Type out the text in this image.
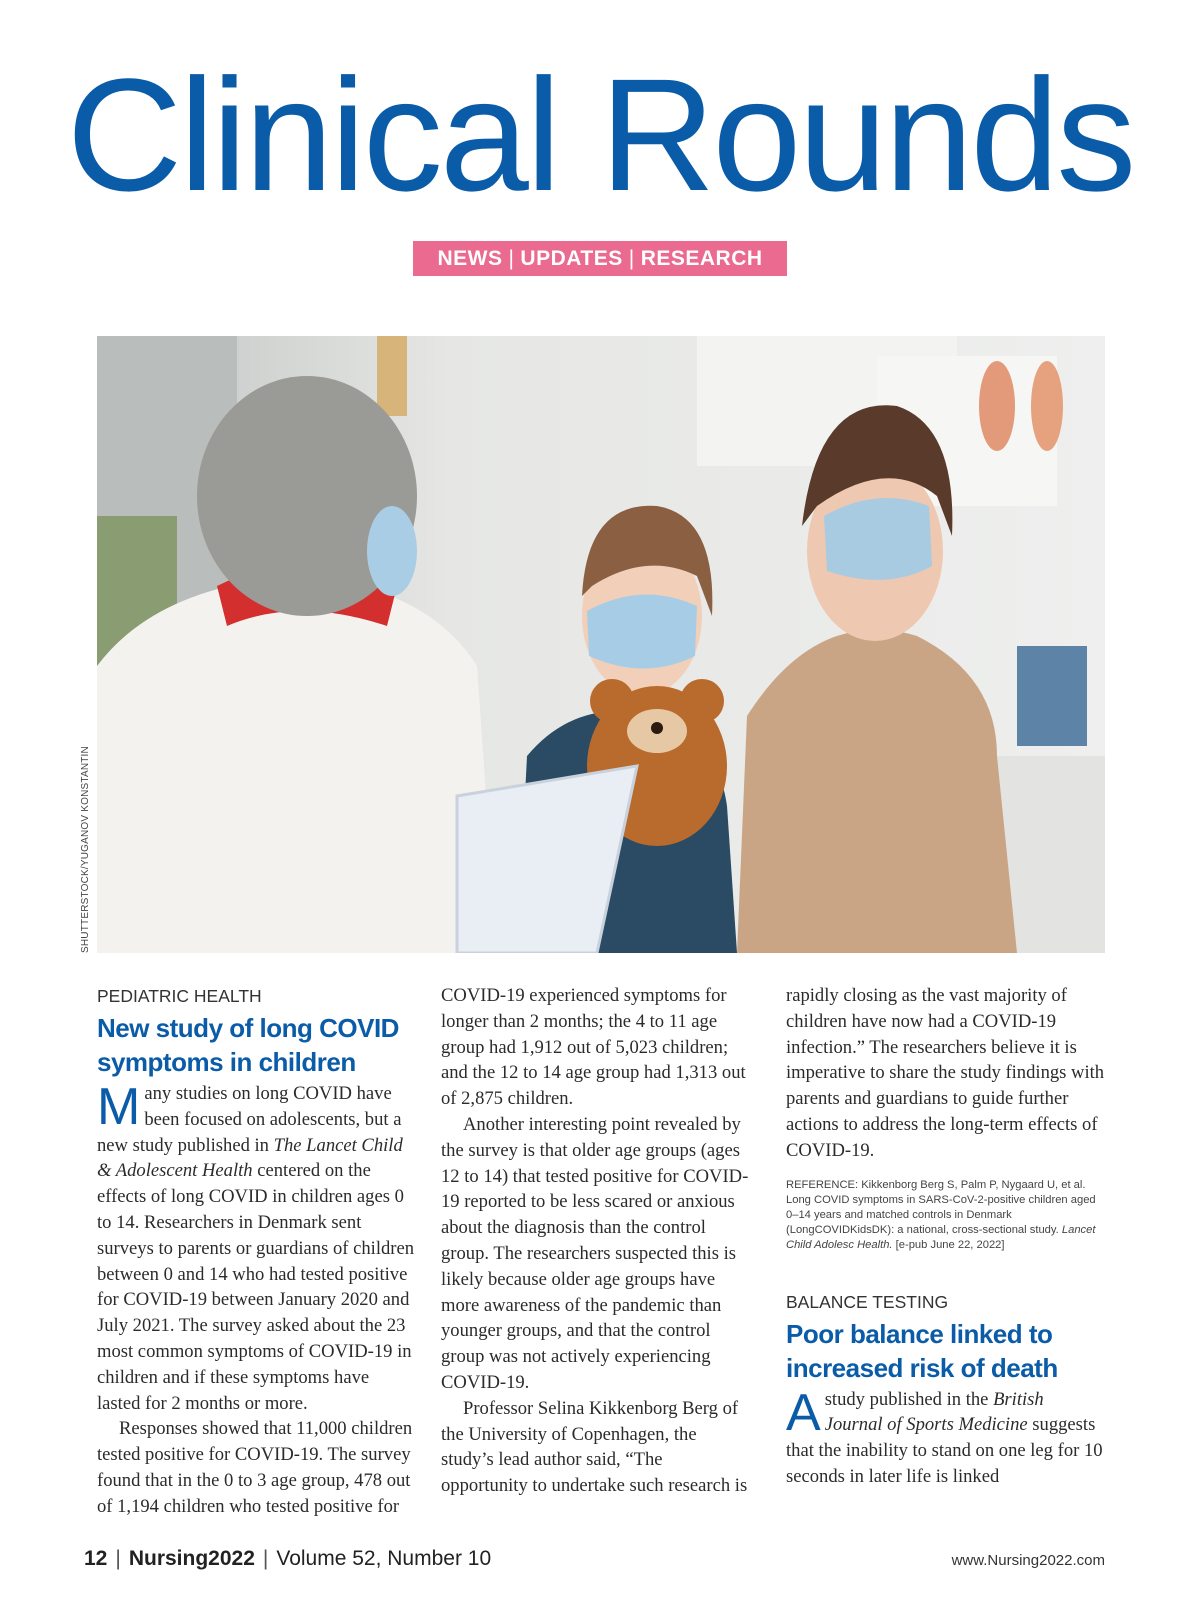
Clinical Rounds
NEWS | UPDATES | RESEARCH
SHUTTERSTOCK/YUGANOV KONSTANTIN
PEDIATRIC HEALTH
New study of long COVID symptoms in children

Many studies on long COVID have been focused on adolescents, but a new study published in The Lancet Child & Adolescent Health centered on the effects of long COVID in children ages 0 to 14. Researchers in Denmark sent surveys to parents or guardians of children between 0 and 14 who had tested positive for COVID-19 between January 2020 and July 2021. The survey asked about the 23 most common symptoms of COVID-19 in children and if these symptoms have lasted for 2 months or more.

Responses showed that 11,000 children tested positive for COVID-19. The survey found that in the 0 to 3 age group, 478 out of 1,194 children who tested positive for

COVID-19 experienced symptoms for longer than 2 months; the 4 to 11 age group had 1,912 out of 5,023 children; and the 12 to 14 age group had 1,313 out of 2,875 children.

Another interesting point revealed by the survey is that older age groups (ages 12 to 14) that tested positive for COVID-19 reported to be less scared or anxious about the diagnosis than the control group. The researchers suspected this is likely because older age groups have more awareness of the pandemic than younger groups, and that the control group was not actively experiencing COVID-19.

Professor Selina Kikkenborg Berg of the University of Copenhagen, the study’s lead author said, “The opportunity to undertake such research is

rapidly closing as the vast majority of children have now had a COVID-19 infection.” The researchers believe it is imperative to share the study findings with parents and guardians to guide further actions to address the long-term effects of COVID-19.

REFERENCE: Kikkenborg Berg S, Palm P, Nygaard U, et al. Long COVID symptoms in SARS-CoV-2-positive children aged 0–14 years and matched controls in Denmark (LongCOVIDKidsDK): a national, cross-sectional study. Lancet Child Adolesc Health. [e-pub June 22, 2022]
BALANCE TESTING
Poor balance linked to increased risk of death

A study published in the British Journal of Sports Medicine suggests that the inability to stand on one leg for 10 seconds in later life is linked

12 | Nursing2022 | Volume 52, Number 10	www.Nursing2022.com
